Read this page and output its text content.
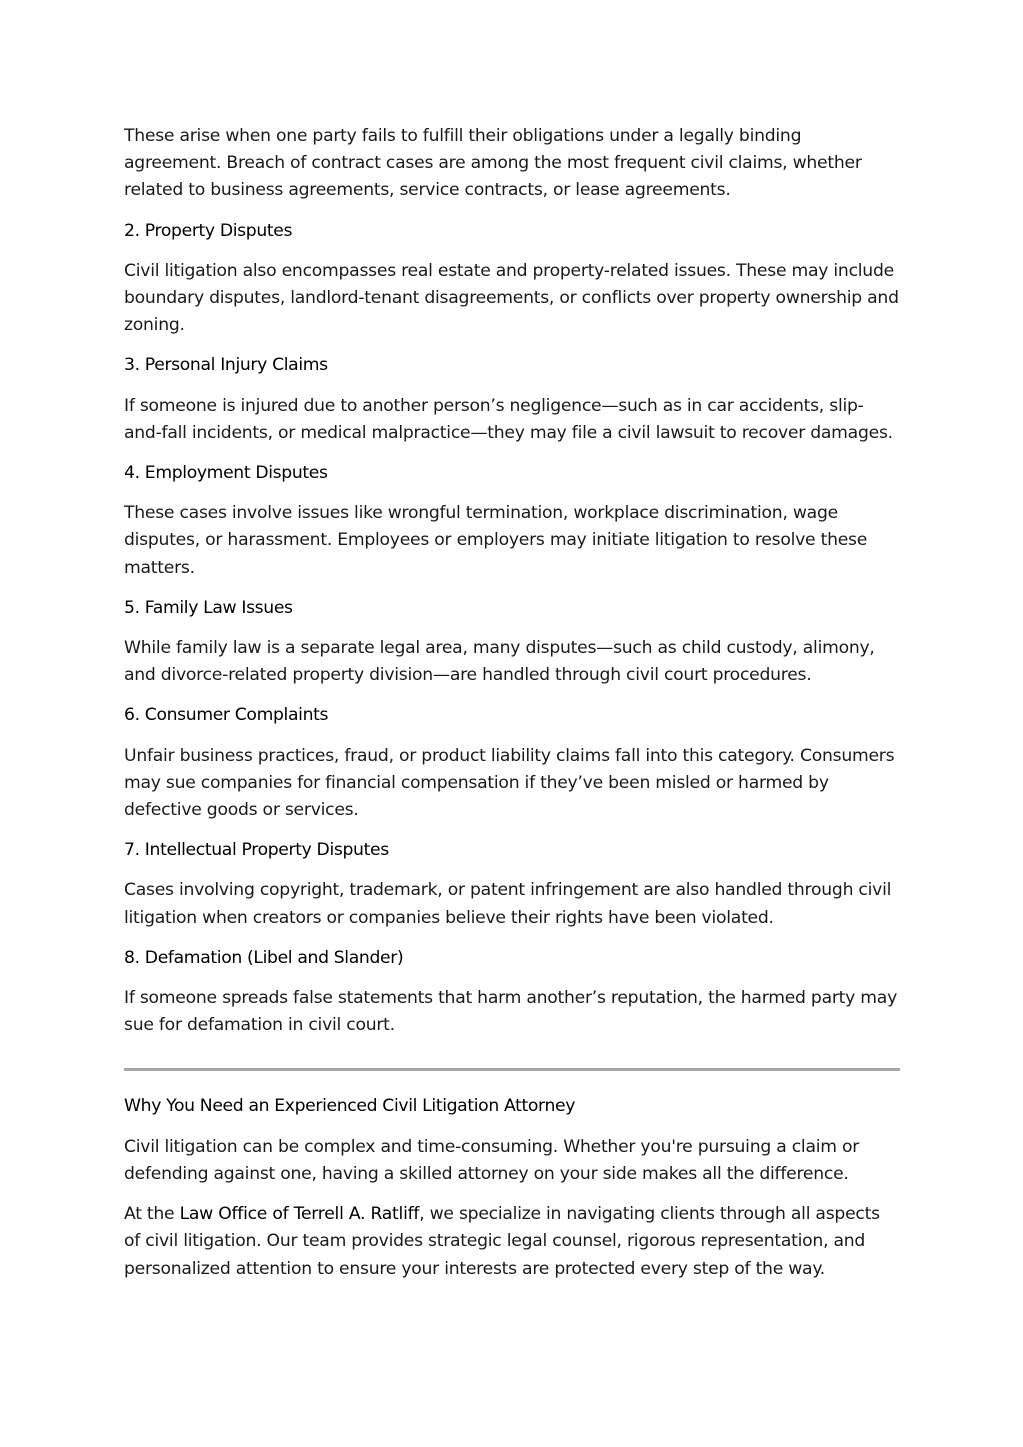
These arise when one party fails to fulfill their obligations under a legally binding agreement. Breach of contract cases are among the most frequent civil claims, whether related to business agreements, service contracts, or lease agreements.

2. Property Disputes

Civil litigation also encompasses real estate and property-related issues. These may include boundary disputes, landlord-tenant disagreements, or conflicts over property ownership and zoning.

3. Personal Injury Claims

If someone is injured due to another person’s negligence—such as in car accidents, slip-and-fall incidents, or medical malpractice—they may file a civil lawsuit to recover damages.

4. Employment Disputes

These cases involve issues like wrongful termination, workplace discrimination, wage disputes, or harassment. Employees or employers may initiate litigation to resolve these matters.

5. Family Law Issues

While family law is a separate legal area, many disputes—such as child custody, alimony, and divorce-related property division—are handled through civil court procedures.

6. Consumer Complaints

Unfair business practices, fraud, or product liability claims fall into this category. Consumers may sue companies for financial compensation if they’ve been misled or harmed by defective goods or services.

7. Intellectual Property Disputes

Cases involving copyright, trademark, or patent infringement are also handled through civil litigation when creators or companies believe their rights have been violated.

8. Defamation (Libel and Slander)

If someone spreads false statements that harm another’s reputation, the harmed party may sue for defamation in civil court.

Why You Need an Experienced Civil Litigation Attorney

Civil litigation can be complex and time-consuming. Whether you're pursuing a claim or defending against one, having a skilled attorney on your side makes all the difference.

At the Law Office of Terrell A. Ratliff, we specialize in navigating clients through all aspects of civil litigation. Our team provides strategic legal counsel, rigorous representation, and personalized attention to ensure your interests are protected every step of the way.
